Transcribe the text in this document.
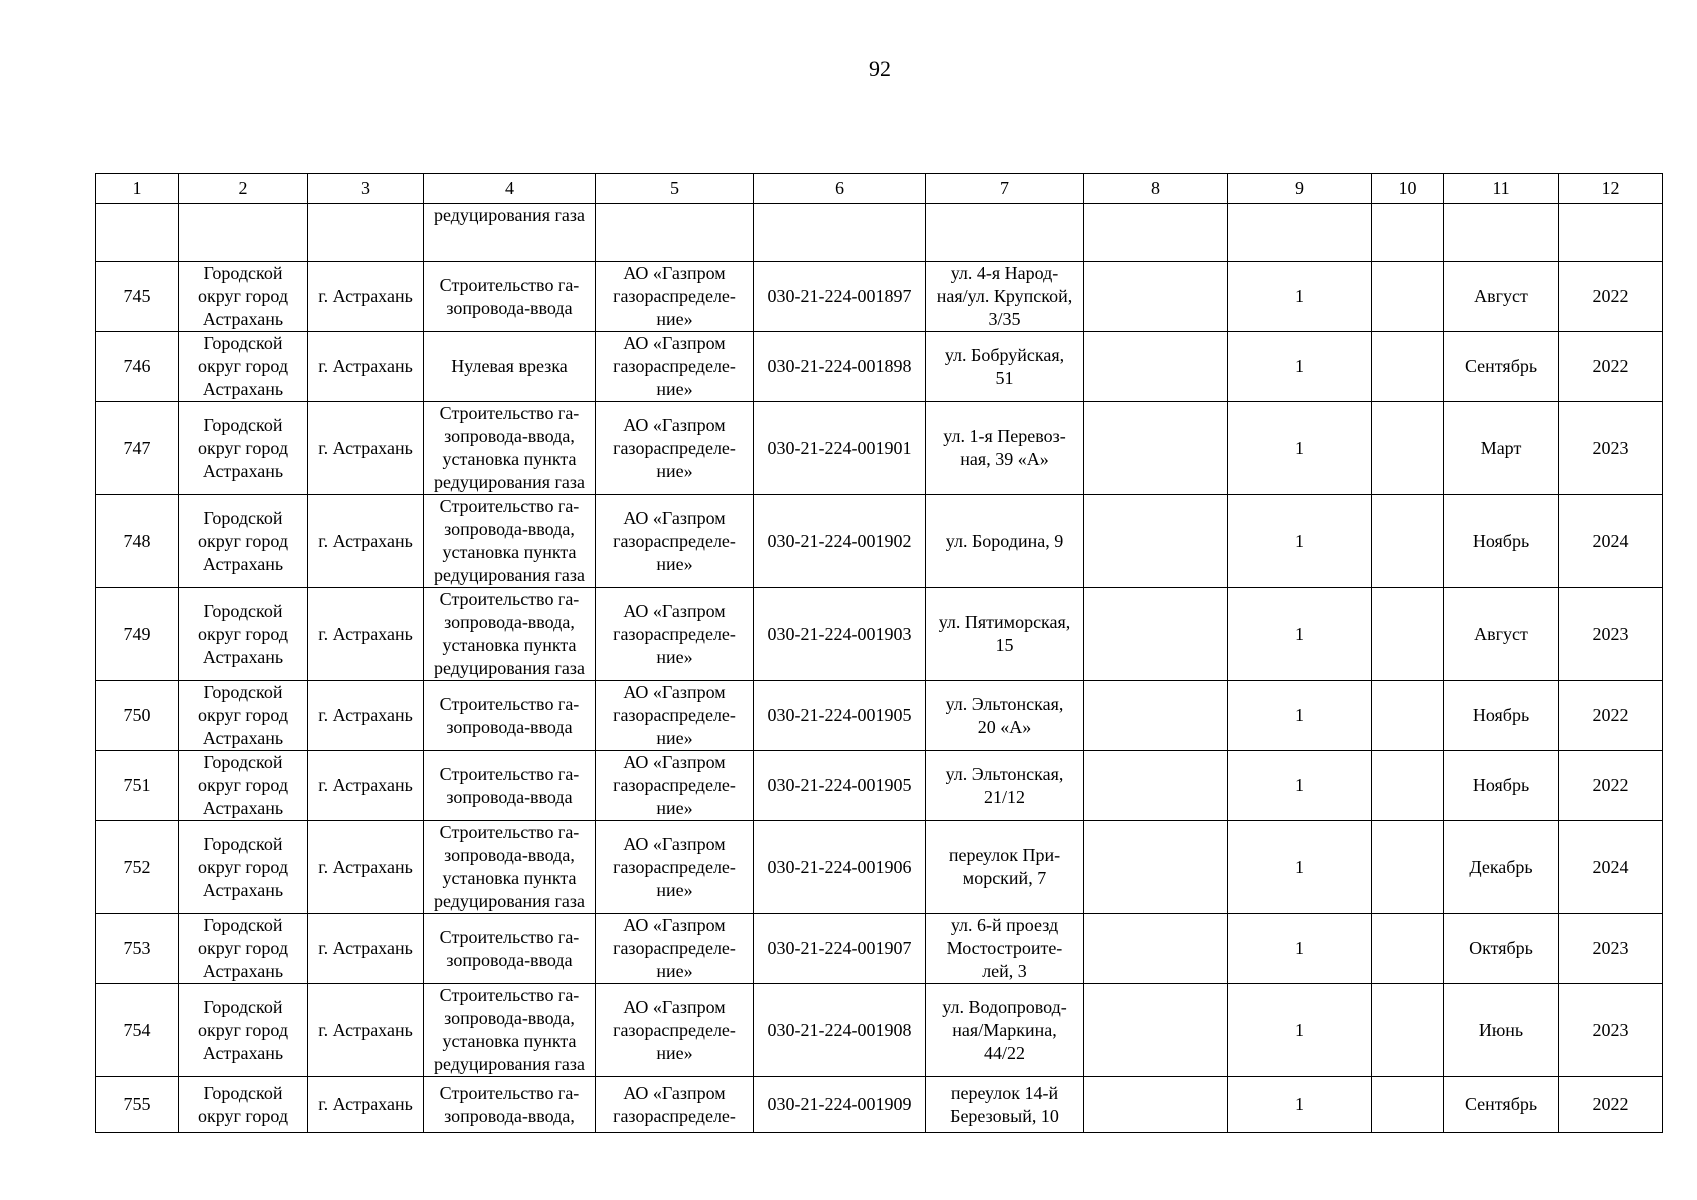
92
1	2	3	4	5	6	7	8	9	10	11	12
			редуцирования газа								
745	Городской
округ город
Астрахань	г. Астрахань	Строительство га-
зопровода-ввода	АО «Газпром
газораспределе-
ние»	030-21-224-001897	ул. 4-я Народ-
ная/ул. Крупской,
3/35		1		Август	2022
746	Городской
округ город
Астрахань	г. Астрахань	Нулевая врезка	АО «Газпром
газораспределе-
ние»	030-21-224-001898	ул. Бобруйская,
51		1		Сентябрь	2022
747	Городской
округ город
Астрахань	г. Астрахань	Строительство га-
зопровода-ввода,
установка пункта
редуцирования газа	АО «Газпром
газораспределе-
ние»	030-21-224-001901	ул. 1-я Перевоз-
ная, 39 «А»		1		Март	2023
748	Городской
округ город
Астрахань	г. Астрахань	Строительство га-
зопровода-ввода,
установка пункта
редуцирования газа	АО «Газпром
газораспределе-
ние»	030-21-224-001902	ул. Бородина, 9		1		Ноябрь	2024
749	Городской
округ город
Астрахань	г. Астрахань	Строительство га-
зопровода-ввода,
установка пункта
редуцирования газа	АО «Газпром
газораспределе-
ние»	030-21-224-001903	ул. Пятиморская,
15		1		Август	2023
750	Городской
округ город
Астрахань	г. Астрахань	Строительство га-
зопровода-ввода	АО «Газпром
газораспределе-
ние»	030-21-224-001905	ул. Эльтонская,
20 «А»		1		Ноябрь	2022
751	Городской
округ город
Астрахань	г. Астрахань	Строительство га-
зопровода-ввода	АО «Газпром
газораспределе-
ние»	030-21-224-001905	ул. Эльтонская,
21/12		1		Ноябрь	2022
752	Городской
округ город
Астрахань	г. Астрахань	Строительство га-
зопровода-ввода,
установка пункта
редуцирования газа	АО «Газпром
газораспределе-
ние»	030-21-224-001906	переулок При-
морский, 7		1		Декабрь	2024
753	Городской
округ город
Астрахань	г. Астрахань	Строительство га-
зопровода-ввода	АО «Газпром
газораспределе-
ние»	030-21-224-001907	ул. 6-й проезд
Мостостроите-
лей, 3		1		Октябрь	2023
754	Городской
округ город
Астрахань	г. Астрахань	Строительство га-
зопровода-ввода,
установка пункта
редуцирования газа	АО «Газпром
газораспределе-
ние»	030-21-224-001908	ул. Водопровод-
ная/Маркина,
44/22		1		Июнь	2023
755	Городской
округ город	г. Астрахань	Строительство га-
зопровода-ввода,	АО «Газпром
газораспределе-	030-21-224-001909	переулок 14-й
Березовый, 10		1		Сентябрь	2022
